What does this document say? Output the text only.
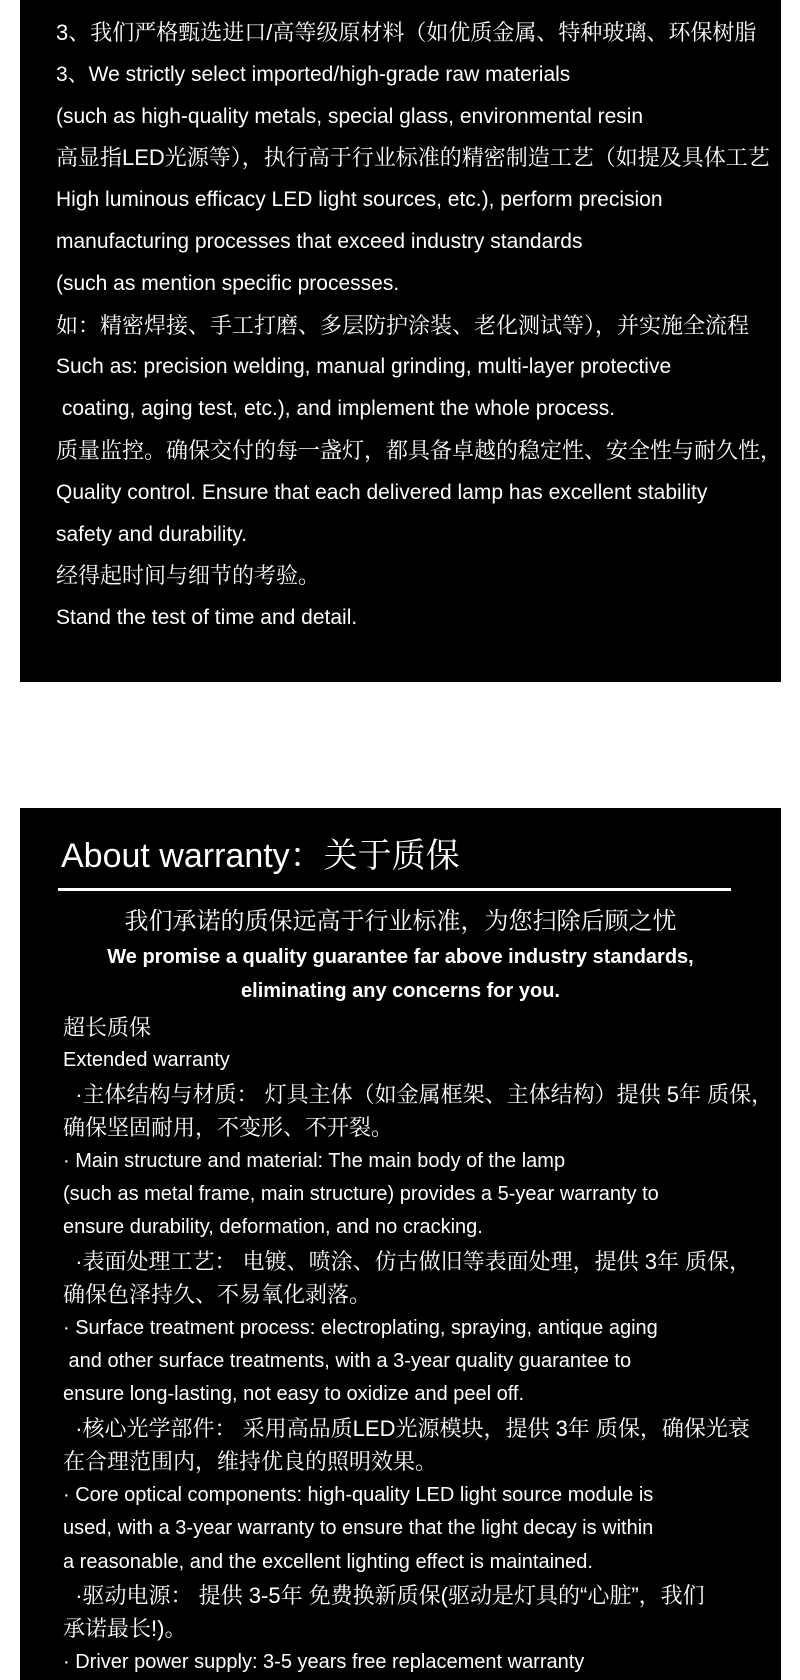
3、我们严格甄选进口/高等级原材料（如优质金属、特种玻璃、环保树脂
3、We strictly select imported/high-grade raw materials
(such as high-quality metals, special glass, environmental resin
高显指LED光源等），执行高于行业标准的精密制造工艺（如提及具体工艺
High luminous efficacy LED light sources, etc.), perform precision
manufacturing processes that exceed industry standards
(such as mention specific processes.
如：精密焊接、手工打磨、多层防护涂装、老化测试等），并实施全流程
Such as: precision welding, manual grinding, multi-layer protective
coating, aging test, etc.), and implement the whole process.
质量监控。确保交付的每一盏灯，都具备卓越的稳定性、安全性与耐久性，
Quality control. Ensure that each delivered lamp has excellent stability
safety and durability.
经得起时间与细节的考验。
Stand the test of time and detail.
About warranty：关于质保
我们承诺的质保远高于行业标准，为您扫除后顾之忧
We promise a quality guarantee far above industry standards,
eliminating any concerns for you.
超长质保
Extended warranty
·主体结构与材质： 灯具主体（如金属框架、主体结构）提供 5年 质保，
确保坚固耐用，不变形、不开裂。
· Main structure and material: The main body of the lamp
(such as metal frame, main structure) provides a 5-year warranty to
ensure durability, deformation, and no cracking.
·表面处理工艺： 电镀、喷涂、仿古做旧等表面处理，提供 3年 质保，
确保色泽持久、不易氧化剥落。
· Surface treatment process: electroplating, spraying, antique aging
and other surface treatments, with a 3-year quality guarantee to
ensure long-lasting, not easy to oxidize and peel off.
·核心光学部件： 采用高品质LED光源模块，提供 3年 质保，确保光衰
在合理范围内，维持优良的照明效果。
· Core optical components: high-quality LED light source module is
used, with a 3-year warranty to ensure that the light decay is within
a reasonable, and the excellent lighting effect is maintained.
·驱动电源： 提供 3-5年 免费换新质保(驱动是灯具的“心脏”，我们
承诺最长!)。
· Driver power supply: 3-5 years free replacement warranty
